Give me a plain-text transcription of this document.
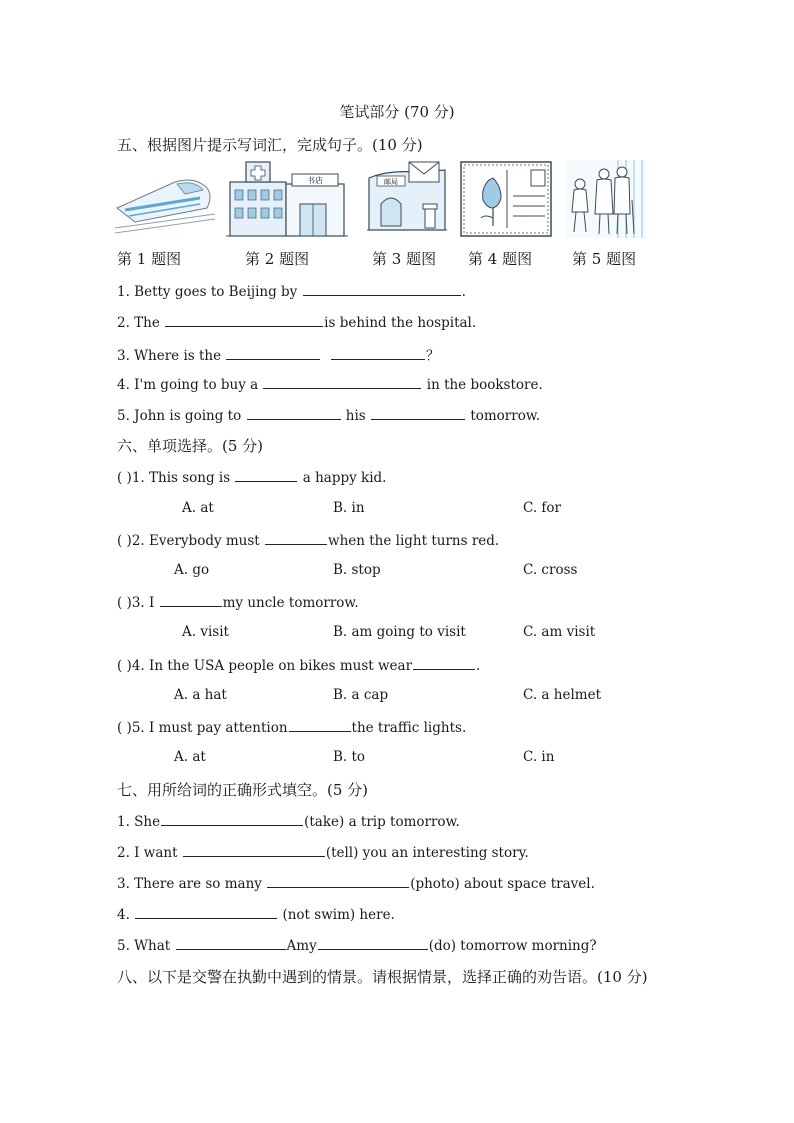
笔试部分 (70 分)
五、根据图片提示写词汇，完成句子。(10 分)
书店	邮局
第 1 题图	第 2 题图	第 3 题图 第 4 题图	第 5 题图
1. Betty goes to Beijing by	.
2. The	is behind the hospital.
3. Where is the	？
4. I'm going to buy a	in the bookstore.
5. John is going to	his	tomorrow.
六、单项选择。(5 分)
( )1. This song is	a happy kid.
A. at	B. in	C. for
( )2. Everybody must	when the light turns red.
A. go	B. stop	C. cross
( )3. I	my uncle tomorrow.
A. visit	B. am going to visit	C. am visit
( )4. In the USA people on bikes must wear	.
A. a hat	B. a cap	C. a helmet
( )5. I must pay attention	the traffic lights.
A. at	B. to	C. in
七、用所给词的正确形式填空。(5 分)
1. She	(take) a trip tomorrow.
2. I want	(tell) you an interesting story.
3. There are so many	(photo) about space travel.
4.	(not swim) here.
5. What	Amy	(do) tomorrow morning?
八、以下是交警在执勤中遇到的情景。请根据情景，选择正确的劝告语。(10 分)
